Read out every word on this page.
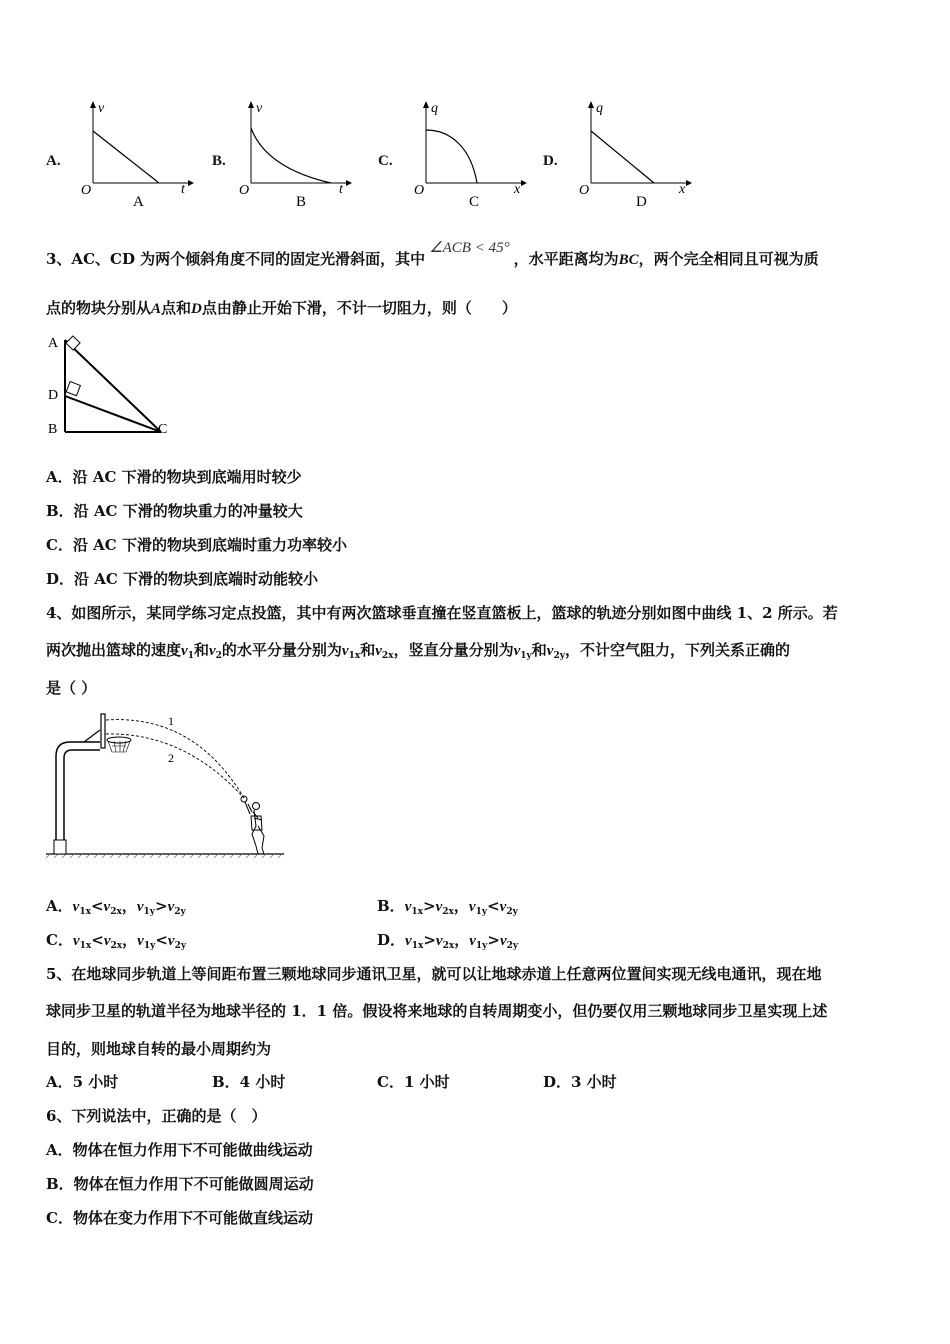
A.
v
t
O
A
B.
v
t
O
B
C.
q
x
O
C
D.
q
x
O
D
3、AC、CD 为两个倾斜角度不同的固定光滑斜面，其中∠ACB < 45°，水平距离均为BC，两个完全相同且可视为质
点的物块分别从A点和D点由静止开始下滑，不计一切阻力，则（　　）
A
D
B	C
A．沿 AC 下滑的物块到底端用时较少
B．沿 AC 下滑的物块重力的冲量较大
C．沿 AC 下滑的物块到底端时重力功率较小
D．沿 AC 下滑的物块到底端时动能较小
4、如图所示，某同学练习定点投篮，其中有两次篮球垂直撞在竖直篮板上，篮球的轨迹分别如图中曲线 1、2 所示。若
两次抛出篮球的速度$v_1$和$v_2$的水平分量分别为$v_{1x}$和$v_{2x}$，竖直分量分别为$v_{1y}$和$v_{2y}$，不计空气阻力，下列关系正确的
是（ ）
1
2
A．$v_{1x}<v_{2x}$，$v_{1y}>v_{2y}$	B．$v_{1x}>v_{2x}$，$v_{1y}<v_{2y}$
C．$v_{1x}<v_{2x}$，$v_{1y}<v_{2y}$	D．$v_{1x}>v_{2x}$，$v_{1y}>v_{2y}$
5、在地球同步轨道上等间距布置三颗地球同步通讯卫星，就可以让地球赤道上任意两位置间实现无线电通讯，现在地
球同步卫星的轨道半径为地球半径的 1．1 倍。假设将来地球的自转周期变小，但仍要仅用三颗地球同步卫星实现上述
目的，则地球自转的最小周期约为
A．5 小时	B．4 小时	C．1 小时	D．3 小时
6、下列说法中，正确的是（　）
A．物体在恒力作用下不可能做曲线运动
B．物体在恒力作用下不可能做圆周运动
C．物体在变力作用下不可能做直线运动
